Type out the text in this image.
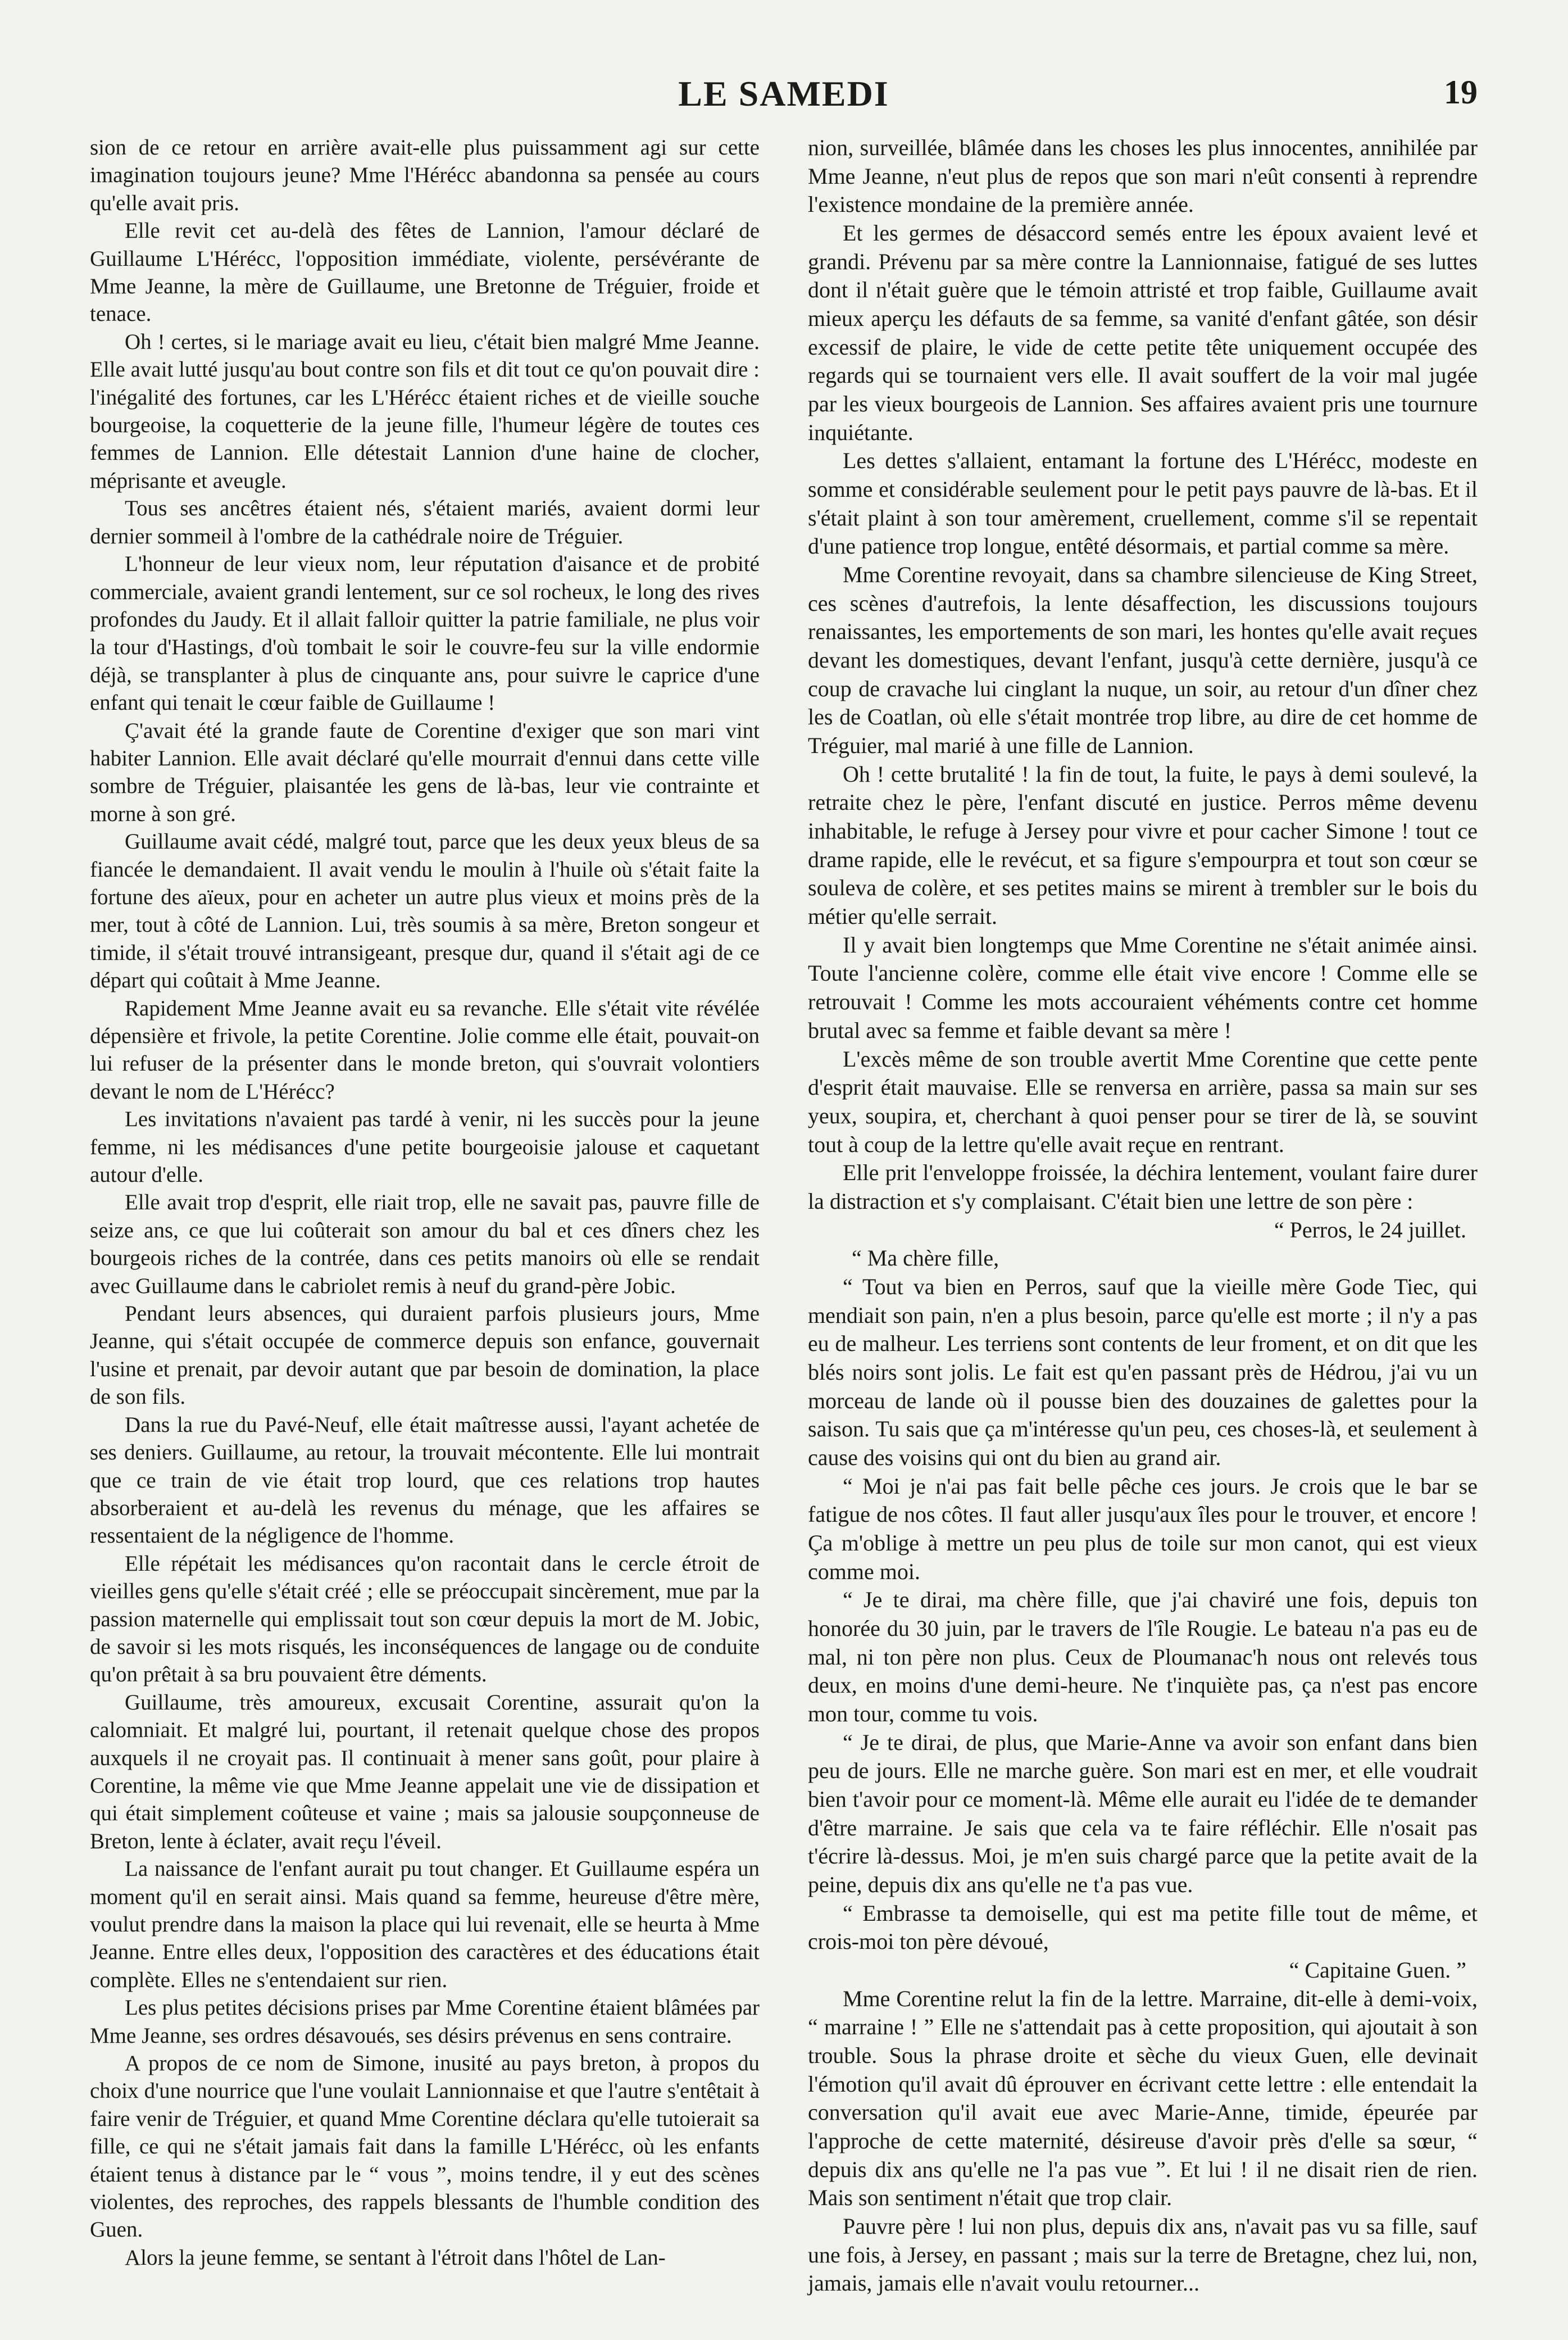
LE SAMEDI	19

sion de ce retour en arrière avait-elle plus puissamment agi sur cette imagination toujours jeune? Mme l'Hérécc abandonna sa pensée au cours qu'elle avait pris.

Elle revit cet au-delà des fêtes de Lannion, l'amour déclaré de Guillaume L'Hérécc, l'opposition immédiate, violente, persévérante de Mme Jeanne, la mère de Guillaume, une Bretonne de Tréguier, froide et tenace.

Oh ! certes, si le mariage avait eu lieu, c'était bien malgré Mme Jeanne. Elle avait lutté jusqu'au bout contre son fils et dit tout ce qu'on pouvait dire : l'inégalité des fortunes, car les L'Hérécc étaient riches et de vieille souche bourgeoise, la coquetterie de la jeune fille, l'humeur légère de toutes ces femmes de Lannion. Elle détestait Lannion d'une haine de clocher, méprisante et aveugle.

Tous ses ancêtres étaient nés, s'étaient mariés, avaient dormi leur dernier sommeil à l'ombre de la cathédrale noire de Tréguier.

L'honneur de leur vieux nom, leur réputation d'aisance et de probité commerciale, avaient grandi lentement, sur ce sol rocheux, le long des rives profondes du Jaudy. Et il allait falloir quitter la patrie familiale, ne plus voir la tour d'Hastings, d'où tombait le soir le couvre-feu sur la ville endormie déjà, se transplanter à plus de cinquante ans, pour suivre le caprice d'une enfant qui tenait le cœur faible de Guillaume !

Ç'avait été la grande faute de Corentine d'exiger que son mari vint habiter Lannion. Elle avait déclaré qu'elle mourrait d'ennui dans cette ville sombre de Tréguier, plaisantée les gens de là-bas, leur vie contrainte et morne à son gré.

Guillaume avait cédé, malgré tout, parce que les deux yeux bleus de sa fiancée le demandaient. Il avait vendu le moulin à l'huile où s'était faite la fortune des aïeux, pour en acheter un autre plus vieux et moins près de la mer, tout à côté de Lannion. Lui, très soumis à sa mère, Breton songeur et timide, il s'était trouvé intransigeant, presque dur, quand il s'était agi de ce départ qui coûtait à Mme Jeanne.

Rapidement Mme Jeanne avait eu sa revanche. Elle s'était vite révélée dépensière et frivole, la petite Corentine. Jolie comme elle était, pouvait-on lui refuser de la présenter dans le monde breton, qui s'ouvrait volontiers devant le nom de L'Hérécc?

Les invitations n'avaient pas tardé à venir, ni les succès pour la jeune femme, ni les médisances d'une petite bourgeoisie jalouse et caquetant autour d'elle.

Elle avait trop d'esprit, elle riait trop, elle ne savait pas, pauvre fille de seize ans, ce que lui coûterait son amour du bal et ces dîners chez les bourgeois riches de la contrée, dans ces petits manoirs où elle se rendait avec Guillaume dans le cabriolet remis à neuf du grand-père Jobic.

Pendant leurs absences, qui duraient parfois plusieurs jours, Mme Jeanne, qui s'était occupée de commerce depuis son enfance, gouvernait l'usine et prenait, par devoir autant que par besoin de domination, la place de son fils.

Dans la rue du Pavé-Neuf, elle était maîtresse aussi, l'ayant achetée de ses deniers. Guillaume, au retour, la trouvait mécontente. Elle lui montrait que ce train de vie était trop lourd, que ces relations trop hautes absorberaient et au-delà les revenus du ménage, que les affaires se ressentaient de la négligence de l'homme.

Elle répétait les médisances qu'on racontait dans le cercle étroit de vieilles gens qu'elle s'était créé ; elle se préoccupait sincèrement, mue par la passion maternelle qui emplissait tout son cœur depuis la mort de M. Jobic, de savoir si les mots risqués, les inconséquences de langage ou de conduite qu'on prêtait à sa bru pouvaient être déments.

Guillaume, très amoureux, excusait Corentine, assurait qu'on la calomniait. Et malgré lui, pourtant, il retenait quelque chose des propos auxquels il ne croyait pas. Il continuait à mener sans goût, pour plaire à Corentine, la même vie que Mme Jeanne appelait une vie de dissipation et qui était simplement coûteuse et vaine ; mais sa jalousie soupçonneuse de Breton, lente à éclater, avait reçu l'éveil.

La naissance de l'enfant aurait pu tout changer. Et Guillaume espéra un moment qu'il en serait ainsi. Mais quand sa femme, heureuse d'être mère, voulut prendre dans la maison la place qui lui revenait, elle se heurta à Mme Jeanne. Entre elles deux, l'opposition des caractères et des éducations était complète. Elles ne s'entendaient sur rien.

Les plus petites décisions prises par Mme Corentine étaient blâmées par Mme Jeanne, ses ordres désavoués, ses désirs prévenus en sens contraire.

A propos de ce nom de Simone, inusité au pays breton, à propos du choix d'une nourrice que l'une voulait Lannionnaise et que l'autre s'entêtait à faire venir de Tréguier, et quand Mme Corentine déclara qu'elle tutoierait sa fille, ce qui ne s'était jamais fait dans la famille L'Hérécc, où les enfants étaient tenus à distance par le “ vous ”, moins tendre, il y eut des scènes violentes, des reproches, des rappels blessants de l'humble condition des Guen.

Alors la jeune femme, se sentant à l'étroit dans l'hôtel de Lan-

nion, surveillée, blâmée dans les choses les plus innocentes, annihilée par Mme Jeanne, n'eut plus de repos que son mari n'eût consenti à reprendre l'existence mondaine de la première année.

Et les germes de désaccord semés entre les époux avaient levé et grandi. Prévenu par sa mère contre la Lannionnaise, fatigué de ses luttes dont il n'était guère que le témoin attristé et trop faible, Guillaume avait mieux aperçu les défauts de sa femme, sa vanité d'enfant gâtée, son désir excessif de plaire, le vide de cette petite tête uniquement occupée des regards qui se tournaient vers elle. Il avait souffert de la voir mal jugée par les vieux bourgeois de Lannion. Ses affaires avaient pris une tournure inquiétante.

Les dettes s'allaient, entamant la fortune des L'Hérécc, modeste en somme et considérable seulement pour le petit pays pauvre de là-bas. Et il s'était plaint à son tour amèrement, cruellement, comme s'il se repentait d'une patience trop longue, entêté désormais, et partial comme sa mère.

Mme Corentine revoyait, dans sa chambre silencieuse de King Street, ces scènes d'autrefois, la lente désaffection, les discussions toujours renaissantes, les emportements de son mari, les hontes qu'elle avait reçues devant les domestiques, devant l'enfant, jusqu'à cette dernière, jusqu'à ce coup de cravache lui cinglant la nuque, un soir, au retour d'un dîner chez les de Coatlan, où elle s'était montrée trop libre, au dire de cet homme de Tréguier, mal marié à une fille de Lannion.

Oh ! cette brutalité ! la fin de tout, la fuite, le pays à demi soulevé, la retraite chez le père, l'enfant discuté en justice. Perros même devenu inhabitable, le refuge à Jersey pour vivre et pour cacher Simone ! tout ce drame rapide, elle le revécut, et sa figure s'empourpra et tout son cœur se souleva de colère, et ses petites mains se mirent à trembler sur le bois du métier qu'elle serrait.

Il y avait bien longtemps que Mme Corentine ne s'était animée ainsi. Toute l'ancienne colère, comme elle était vive encore ! Comme elle se retrouvait ! Comme les mots accouraient véhéments contre cet homme brutal avec sa femme et faible devant sa mère !

L'excès même de son trouble avertit Mme Corentine que cette pente d'esprit était mauvaise. Elle se renversa en arrière, passa sa main sur ses yeux, soupira, et, cherchant à quoi penser pour se tirer de là, se souvint tout à coup de la lettre qu'elle avait reçue en rentrant.

Elle prit l'enveloppe froissée, la déchira lentement, voulant faire durer la distraction et s'y complaisant. C'était bien une lettre de son père :

“ Perros, le 24 juillet.

“ Ma chère fille,

“ Tout va bien en Perros, sauf que la vieille mère Gode Tiec, qui mendiait son pain, n'en a plus besoin, parce qu'elle est morte ; il n'y a pas eu de malheur. Les terriens sont contents de leur froment, et on dit que les blés noirs sont jolis. Le fait est qu'en passant près de Hédrou, j'ai vu un morceau de lande où il pousse bien des douzaines de galettes pour la saison. Tu sais que ça m'intéresse qu'un peu, ces choses-là, et seulement à cause des voisins qui ont du bien au grand air.

“ Moi je n'ai pas fait belle pêche ces jours. Je crois que le bar se fatigue de nos côtes. Il faut aller jusqu'aux îles pour le trouver, et encore ! Ça m'oblige à mettre un peu plus de toile sur mon canot, qui est vieux comme moi.

“ Je te dirai, ma chère fille, que j'ai chaviré une fois, depuis ton honorée du 30 juin, par le travers de l'île Rougie. Le bateau n'a pas eu de mal, ni ton père non plus. Ceux de Ploumanac'h nous ont relevés tous deux, en moins d'une demi-heure. Ne t'inquiète pas, ça n'est pas encore mon tour, comme tu vois.

“ Je te dirai, de plus, que Marie-Anne va avoir son enfant dans bien peu de jours. Elle ne marche guère. Son mari est en mer, et elle voudrait bien t'avoir pour ce moment-là. Même elle aurait eu l'idée de te demander d'être marraine. Je sais que cela va te faire réfléchir. Elle n'osait pas t'écrire là-dessus. Moi, je m'en suis chargé parce que la petite avait de la peine, depuis dix ans qu'elle ne t'a pas vue.

“ Embrasse ta demoiselle, qui est ma petite fille tout de même, et crois-moi ton père dévoué,

“ Capitaine Guen. ”

Mme Corentine relut la fin de la lettre. Marraine, dit-elle à demi-voix, “ marraine ! ” Elle ne s'attendait pas à cette proposition, qui ajoutait à son trouble. Sous la phrase droite et sèche du vieux Guen, elle devinait l'émotion qu'il avait dû éprouver en écrivant cette lettre : elle entendait la conversation qu'il avait eue avec Marie-Anne, timide, épeurée par l'approche de cette maternité, désireuse d'avoir près d'elle sa sœur, “ depuis dix ans qu'elle ne l'a pas vue ”. Et lui ! il ne disait rien de rien. Mais son sentiment n'était que trop clair.

Pauvre père ! lui non plus, depuis dix ans, n'avait pas vu sa fille, sauf une fois, à Jersey, en passant ; mais sur la terre de Bretagne, chez lui, non, jamais, jamais elle n'avait voulu retourner...
